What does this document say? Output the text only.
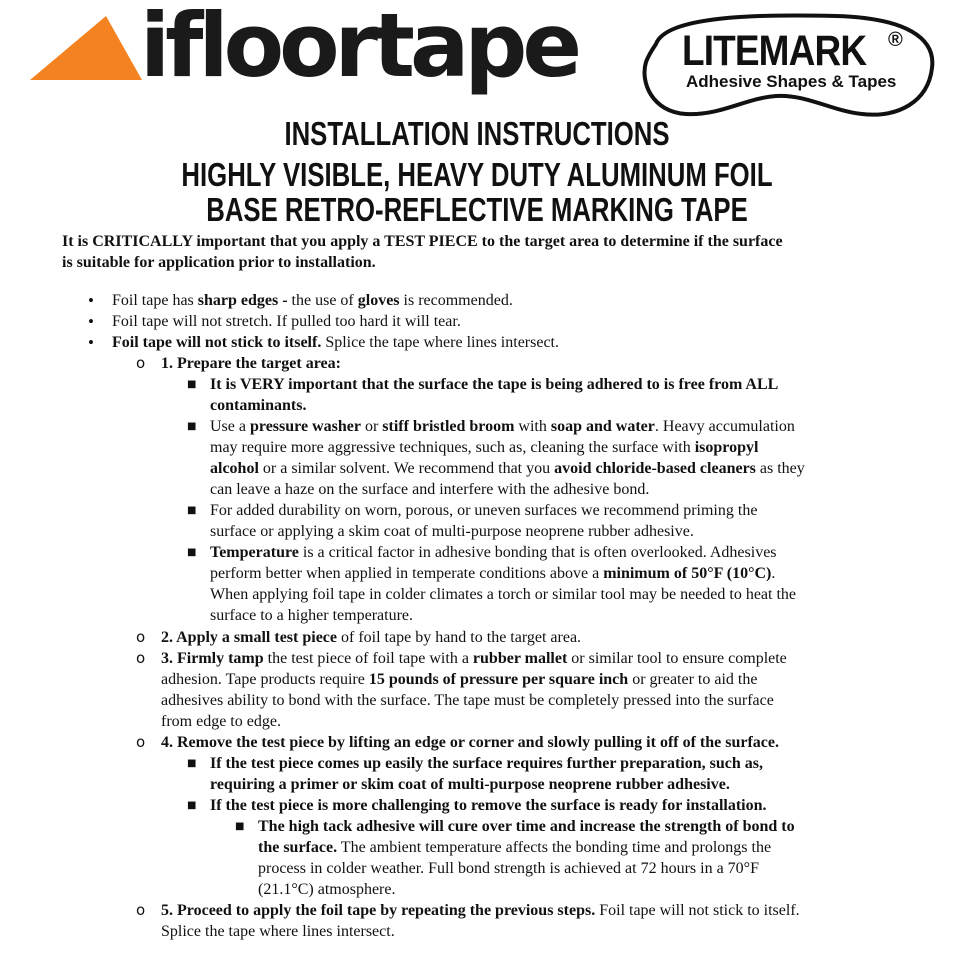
ifloortape LITEMARK ®
Adhesive Shapes & Tapes
INSTALLATION INSTRUCTIONS
HIGHLY VISIBLE, HEAVY DUTY ALUMINUM FOIL
BASE RETRO-REFLECTIVE MARKING TAPE
It is CRITICALLY important that you apply a TEST PIECE to the target area to determine if the surface
is suitable for application prior to installation.
• Foil tape has sharp edges - the use of gloves is recommended.
• Foil tape will not stretch. If pulled too hard it will tear.
• Foil tape will not stick to itself. Splice the tape where lines intersect.
o 1. Prepare the target area:
■ It is VERY important that the surface the tape is being adhered to is free from ALL
contaminants.
■ Use a pressure washer or stiff bristled broom with soap and water. Heavy accumulation
may require more aggressive techniques, such as, cleaning the surface with isopropyl
alcohol or a similar solvent. We recommend that you avoid chloride-based cleaners as they
can leave a haze on the surface and interfere with the adhesive bond.
■ For added durability on worn, porous, or uneven surfaces we recommend priming the
surface or applying a skim coat of multi-purpose neoprene rubber adhesive.
■ Temperature is a critical factor in adhesive bonding that is often overlooked. Adhesives
perform better when applied in temperate conditions above a minimum of 50°F (10°C).
When applying foil tape in colder climates a torch or similar tool may be needed to heat the
surface to a higher temperature.
o 2. Apply a small test piece of foil tape by hand to the target area.
o 3. Firmly tamp the test piece of foil tape with a rubber mallet or similar tool to ensure complete
adhesion. Tape products require 15 pounds of pressure per square inch or greater to aid the
adhesives ability to bond with the surface. The tape must be completely pressed into the surface
from edge to edge.
o 4. Remove the test piece by lifting an edge or corner and slowly pulling it off of the surface.
■ If the test piece comes up easily the surface requires further preparation, such as,
requiring a primer or skim coat of multi-purpose neoprene rubber adhesive.
■ If the test piece is more challenging to remove the surface is ready for installation.
■ The high tack adhesive will cure over time and increase the strength of bond to
the surface. The ambient temperature affects the bonding time and prolongs the
process in colder weather. Full bond strength is achieved at 72 hours in a 70°F
(21.1°C) atmosphere.
o 5. Proceed to apply the foil tape by repeating the previous steps. Foil tape will not stick to itself.
Splice the tape where lines intersect.
